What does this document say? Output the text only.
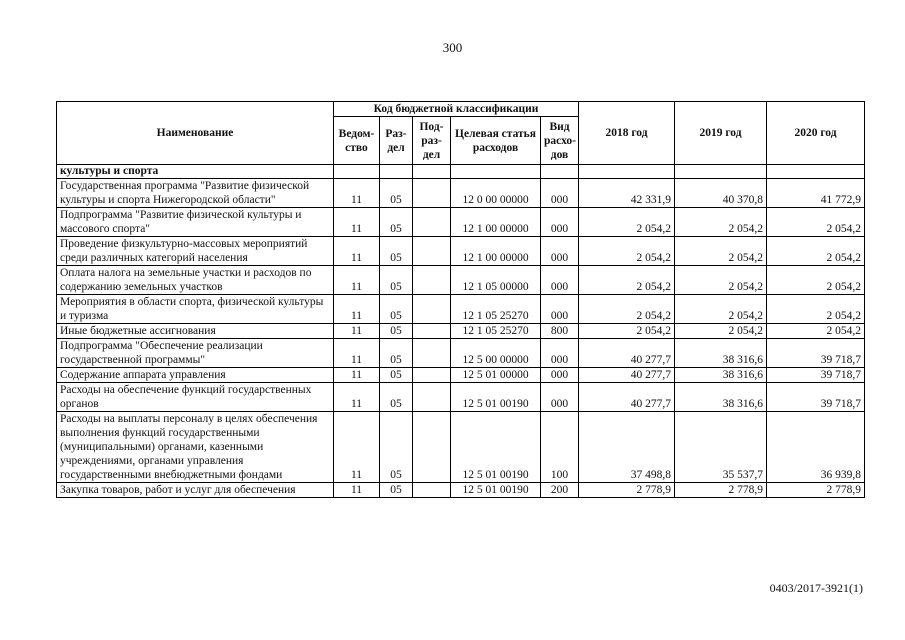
300
Наименование	Код бюджетной классификации					2018 год	2019 год	2020 год
	Ведом-ство	Раз-дел	Под-раз-дел	Целевая статья расходов	Вид расхо-дов			
культуры и спорта								
Государственная программа "Развитие физической культуры и спорта Нижегородской области"	11	05		12 0 00 00000	000	42 331,9	40 370,8	41 772,9
Подпрограмма "Развитие физической культуры и массового спорта"	11	05		12 1 00 00000	000	2 054,2	2 054,2	2 054,2
Проведение физкультурно-массовых мероприятий среди различных категорий населения	11	05		12 1 00 00000	000	2 054,2	2 054,2	2 054,2
Оплата налога на земельные участки и расходов по содержанию земельных участков	11	05		12 1 05 00000	000	2 054,2	2 054,2	2 054,2
Мероприятия в области спорта, физической культуры и туризма	11	05		12 1 05 25270	000	2 054,2	2 054,2	2 054,2
Иные бюджетные ассигнования	11	05		12 1 05 25270	800	2 054,2	2 054,2	2 054,2
Подпрограмма "Обеспечение реализации государственной программы"	11	05		12 5 00 00000	000	40 277,7	38 316,6	39 718,7
Содержание аппарата управления	11	05		12 5 01 00000	000	40 277,7	38 316,6	39 718,7
Расходы на обеспечение функций государственных органов	11	05		12 5 01 00190	000	40 277,7	38 316,6	39 718,7
Расходы на выплаты персоналу в целях обеспечения выполнения функций государственными (муниципальными) органами, казенными учреждениями, органами управления государственными внебюджетными фондами	11	05		12 5 01 00190	100	37 498,8	35 537,7	36 939,8
Закупка товаров, работ и услуг для обеспечения	11	05		12 5 01 00190	200	2 778,9	2 778,9	2 778,9
0403/2017-3921(1)
